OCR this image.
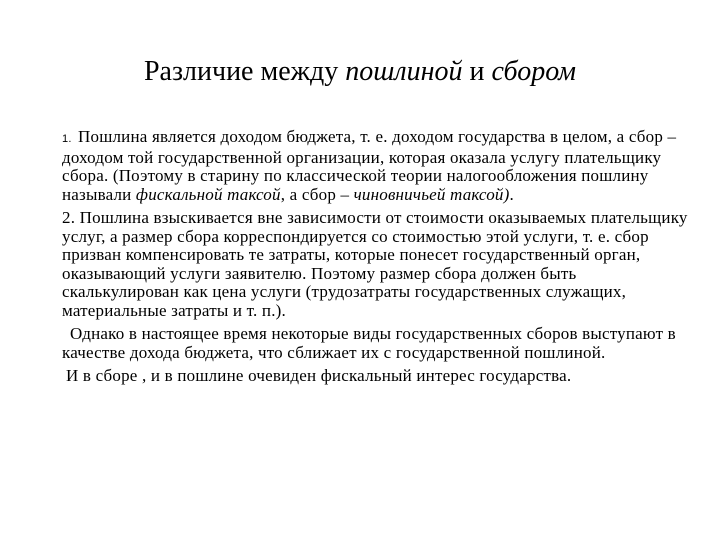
Различие между пошлиной и сбором

1. Пошлина является доходом бюджета, т. е. доходом государства в целом, а сбор – доходом той государственной организации, которая оказала услугу плательщику сбора. (Поэтому в старину по классической теории налогообложения пошлину называли фискальной таксой, а сбор – чиновничьей таксой).

2. Пошлина взыскивается вне зависимости от стоимости оказываемых плательщику услуг, а размер сбора корреспондируется со стоимостью этой услуги, т. е. сбор призван компенсировать те затраты, которые понесет государственный орган, оказывающий услуги заявителю. Поэтому размер сбора должен быть скалькулирован как цена услуги (трудозатраты государственных служащих, материальные затраты и т. п.).

Однако в настоящее время некоторые виды государственных сборов выступают в качестве дохода бюджета, что сближает их с государственной пошлиной.

И в сборе , и в пошлине очевиден фискальный интерес государства.
